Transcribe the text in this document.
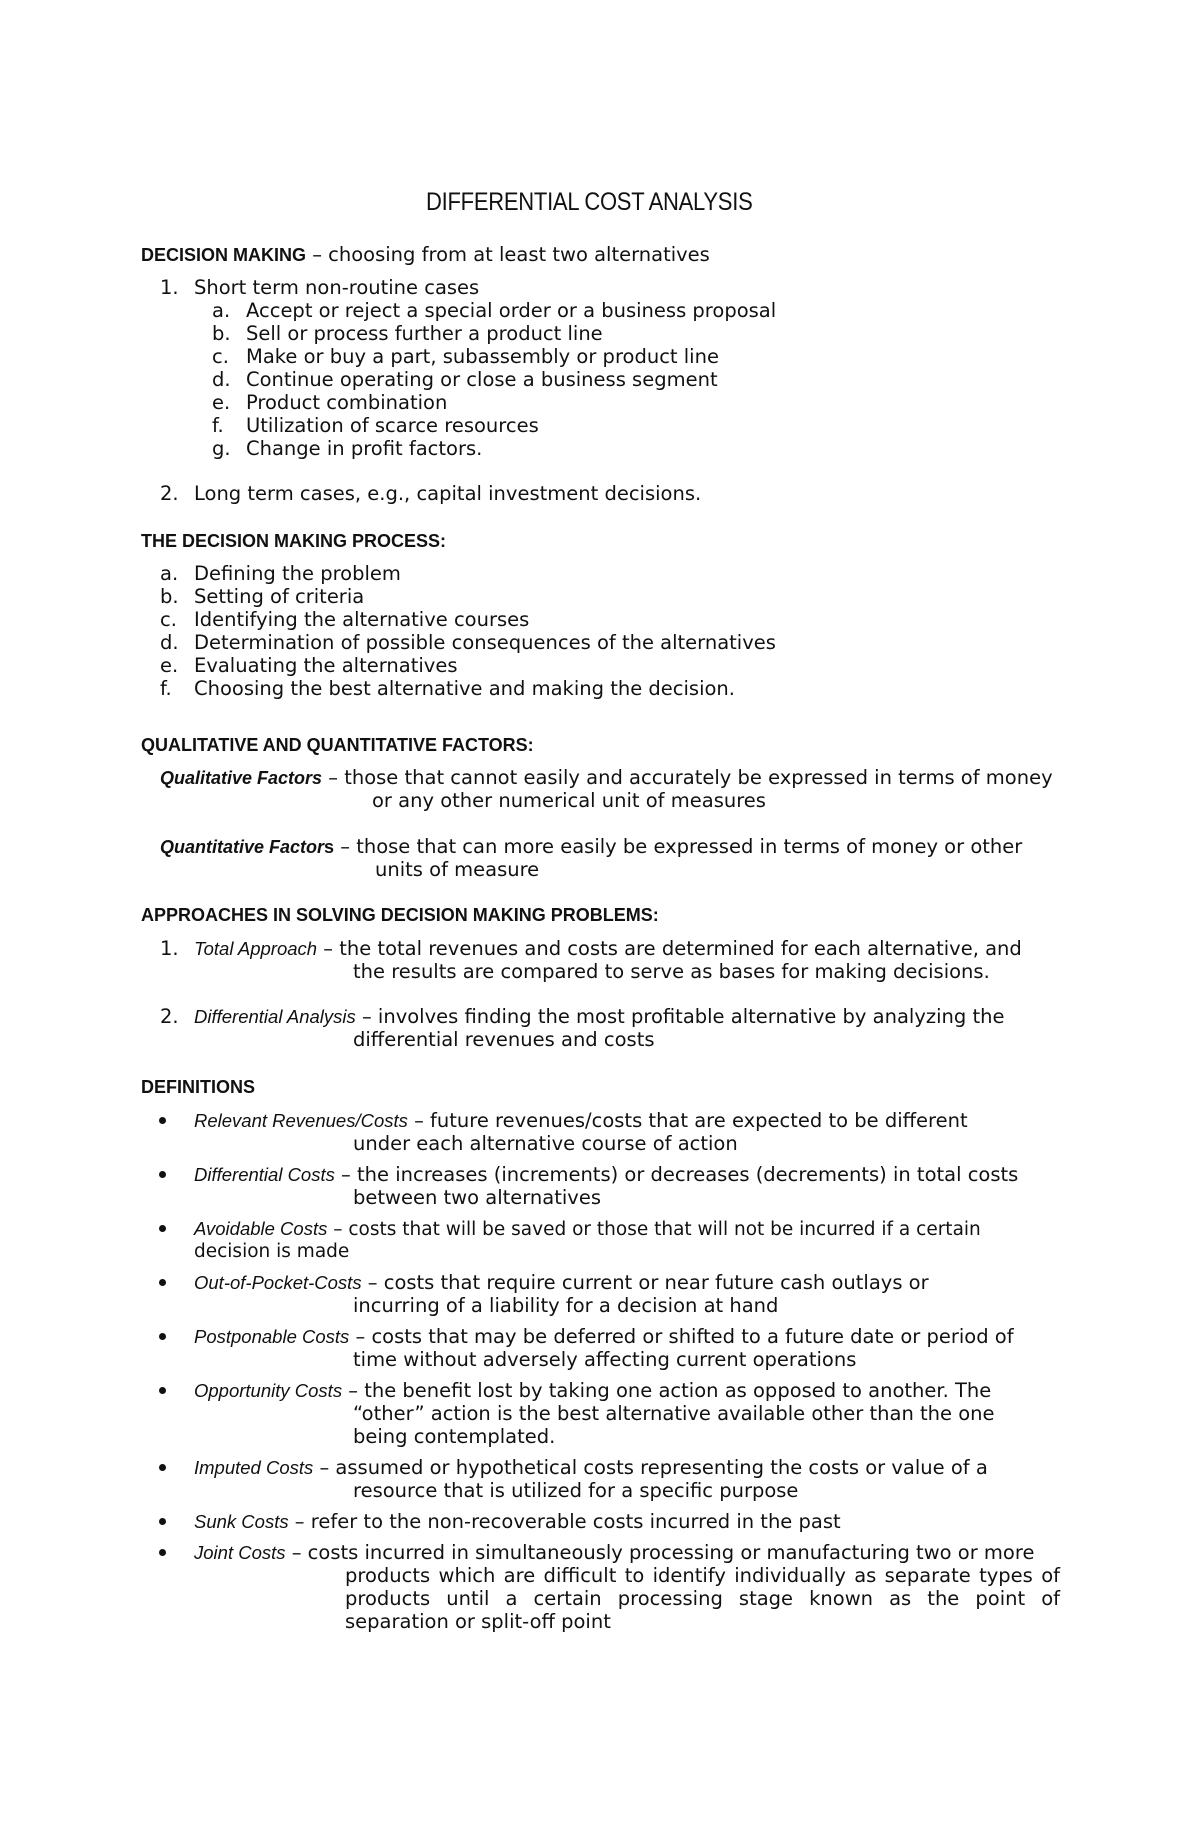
DIFFERENTIAL COST ANALYSIS
DECISION MAKING – choosing from at least two alternatives
1. Short term non-routine cases
a. Accept or reject a special order or a business proposal
b. Sell or process further a product line
c. Make or buy a part, subassembly or product line
d. Continue operating or close a business segment
e. Product combination
f. Utilization of scarce resources
g. Change in profit factors.
2. Long term cases, e.g., capital investment decisions.
THE DECISION MAKING PROCESS:
a. Defining the problem
b. Setting of criteria
c. Identifying the alternative courses
d. Determination of possible consequences of the alternatives
e. Evaluating the alternatives
f. Choosing the best alternative and making the decision.
QUALITATIVE AND QUANTITATIVE FACTORS:
Qualitative Factors – those that cannot easily and accurately be expressed in terms of money
or any other numerical unit of measures
Quantitative Factors – those that can more easily be expressed in terms of money or other
units of measure
APPROACHES IN SOLVING DECISION MAKING PROBLEMS:
1. Total Approach – the total revenues and costs are determined for each alternative, and
the results are compared to serve as bases for making decisions.
2. Differential Analysis – involves finding the most profitable alternative by analyzing the
differential revenues and costs
DEFINITIONS
Relevant Revenues/Costs – future revenues/costs that are expected to be different
under each alternative course of action
Differential Costs – the increases (increments) or decreases (decrements) in total costs
between two alternatives
Avoidable Costs – costs that will be saved or those that will not be incurred if a certain
decision is made
Out-of-Pocket-Costs – costs that require current or near future cash outlays or
incurring of a liability for a decision at hand
Postponable Costs – costs that may be deferred or shifted to a future date or period of
time without adversely affecting current operations
Opportunity Costs – the benefit lost by taking one action as opposed to another. The
“other” action is the best alternative available other than the one
being contemplated.
Imputed Costs – assumed or hypothetical costs representing the costs or value of a
resource that is utilized for a specific purpose
Sunk Costs – refer to the non-recoverable costs incurred in the past
Joint Costs – costs incurred in simultaneously processing or manufacturing two or more
products which are difficult to identify individually as separate types of
products until a certain processing stage known as the point of
separation or split-off point
